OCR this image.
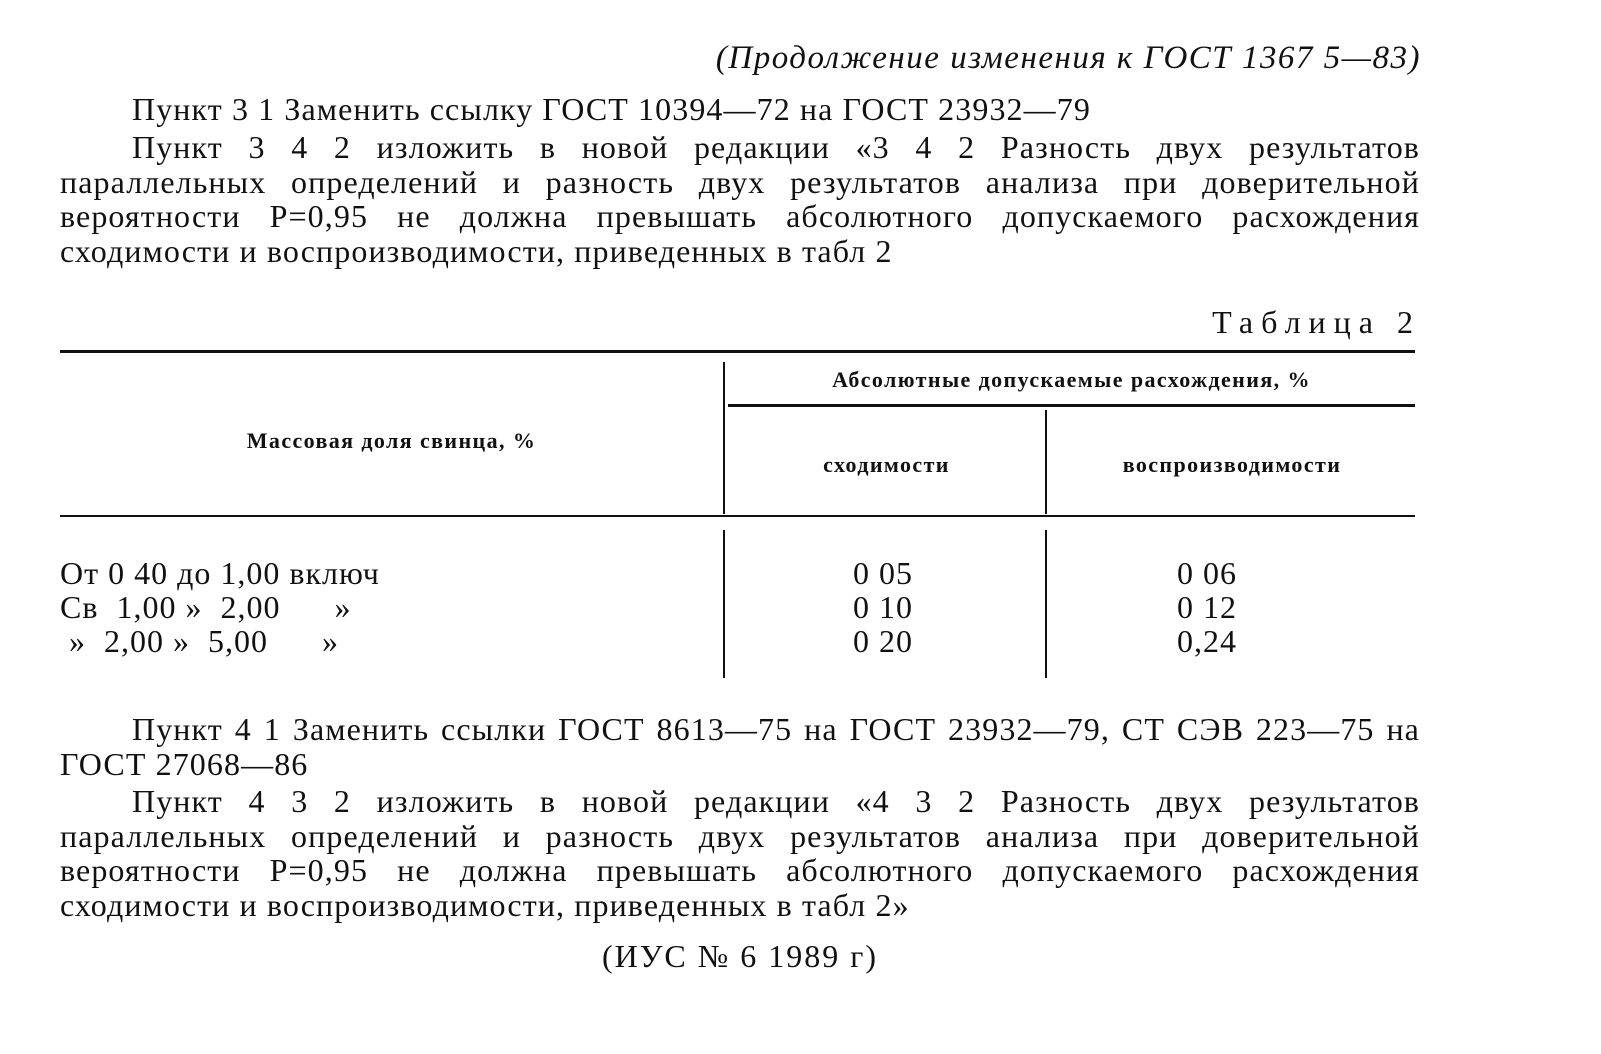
(Продолжение изменения к ГОСТ 1367 5—83)
Пункт 3 1 Заменить ссылку ГОСТ 10394—72 на ГОСТ 23932—79
Пункт 3 4 2 изложить в новой редакции «3 4 2 Разность двух результатов параллельных определений и разность двух результатов анализа при доверительной вероятности P=0,95 не должна превышать абсолютного допускаемого расхождения сходимости и воспроизводимости, приведенных в табл 2
Таблица 2
Массовая доля свинца, %
Абсолютные допускаемые расхождения, %
сходимости	воспроизводимости
От 0 40 до 1,00 включ
Св  1,00 »  2,00      »
»  2,00 »  5,00      »
0 05
0 10
0 20
0 06
0 12
0,24
Пункт 4 1 Заменить ссылки ГОСТ 8613—75 на ГОСТ 23932—79, СТ СЭВ 223—75 на ГОСТ 27068—86
Пункт 4 3 2 изложить в новой редакции «4 3 2 Разность двух результатов параллельных определений и разность двух результатов анализа при доверительной вероятности P=0,95 не должна превышать абсолютного допускаемого расхождения сходимости и воспроизводимости, приведенных в табл 2»
(ИУС № 6 1989 г)
